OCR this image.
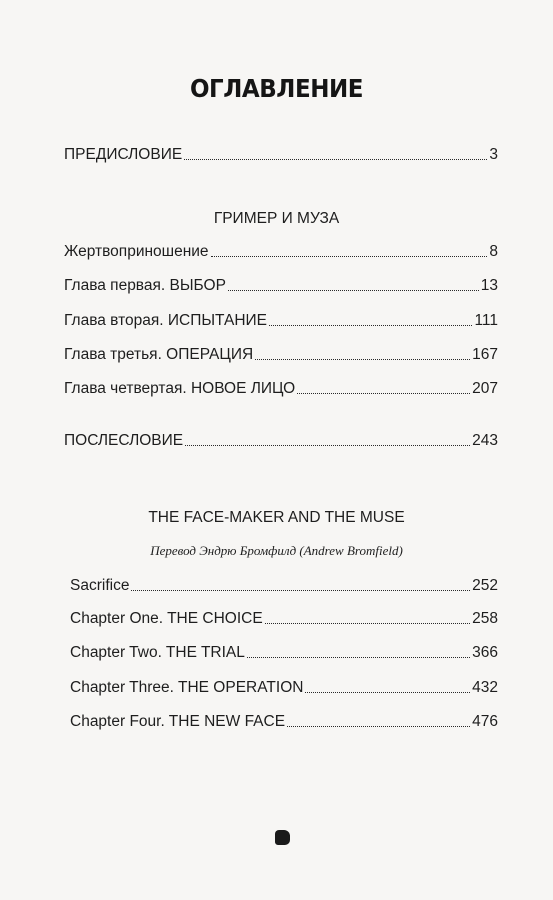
ОГЛАВЛЕНИЕ
ПРЕДИСЛОВИЕ	3
ГРИМЕР И МУЗА
Жертвоприношение	8
Глава первая. ВЫБОР	13
Глава вторая. ИСПЫТАНИЕ	111
Глава третья. ОПЕРАЦИЯ	167
Глава четвертая. НОВОЕ ЛИЦО	207
ПОСЛЕСЛОВИЕ	243
THE FACE-MAKER AND THE MUSE
Перевод Эндрю Бромфилд (Andrew Bromfield)
Sacrifice	252
Chapter One. THE CHOICE	258
Chapter Two. THE TRIAL	366
Chapter Three. THE OPERATION	432
Chapter Four. THE NEW FACE	476
